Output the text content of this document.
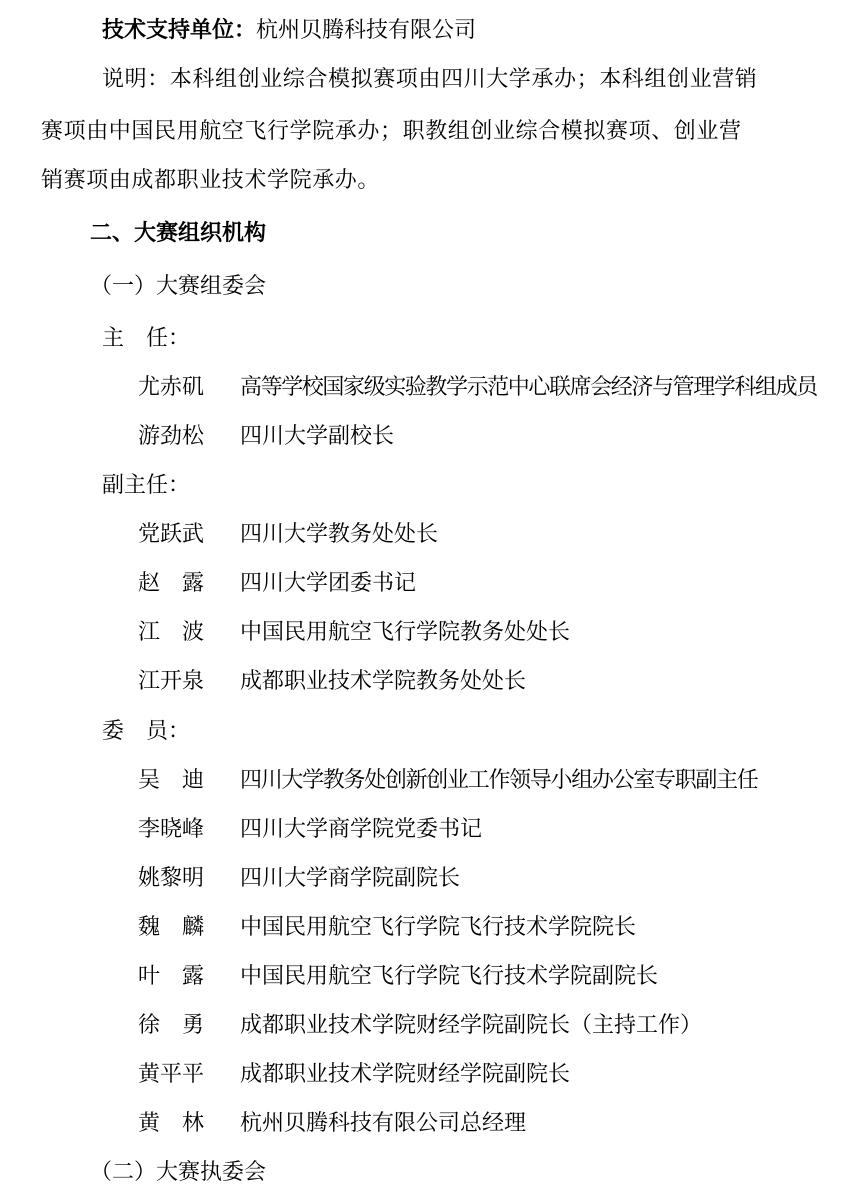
技术支持单位：杭州贝腾科技有限公司
说明：本科组创业综合模拟赛项由四川大学承办；本科组创业营销
赛项由中国民用航空飞行学院承办；职教组创业综合模拟赛项、创业营
销赛项由成都职业技术学院承办。
二、大赛组织机构
（一）大赛组委会
主　任：
尤赤矶	高等学校国家级实验教学示范中心联席会经济与管理学科组成员
游劲松	四川大学副校长
副主任：
党跃武	四川大学教务处处长
赵　露	四川大学团委书记
江　波	中国民用航空飞行学院教务处处长
江开泉	成都职业技术学院教务处处长
委　员：
吴　迪	四川大学教务处创新创业工作领导小组办公室专职副主任
李晓峰	四川大学商学院党委书记
姚黎明	四川大学商学院副院长
魏　麟	中国民用航空飞行学院飞行技术学院院长
叶　露	中国民用航空飞行学院飞行技术学院副院长
徐　勇	成都职业技术学院财经学院副院长（主持工作）
黄平平	成都职业技术学院财经学院副院长
黄　林	杭州贝腾科技有限公司总经理
（二）大赛执委会
